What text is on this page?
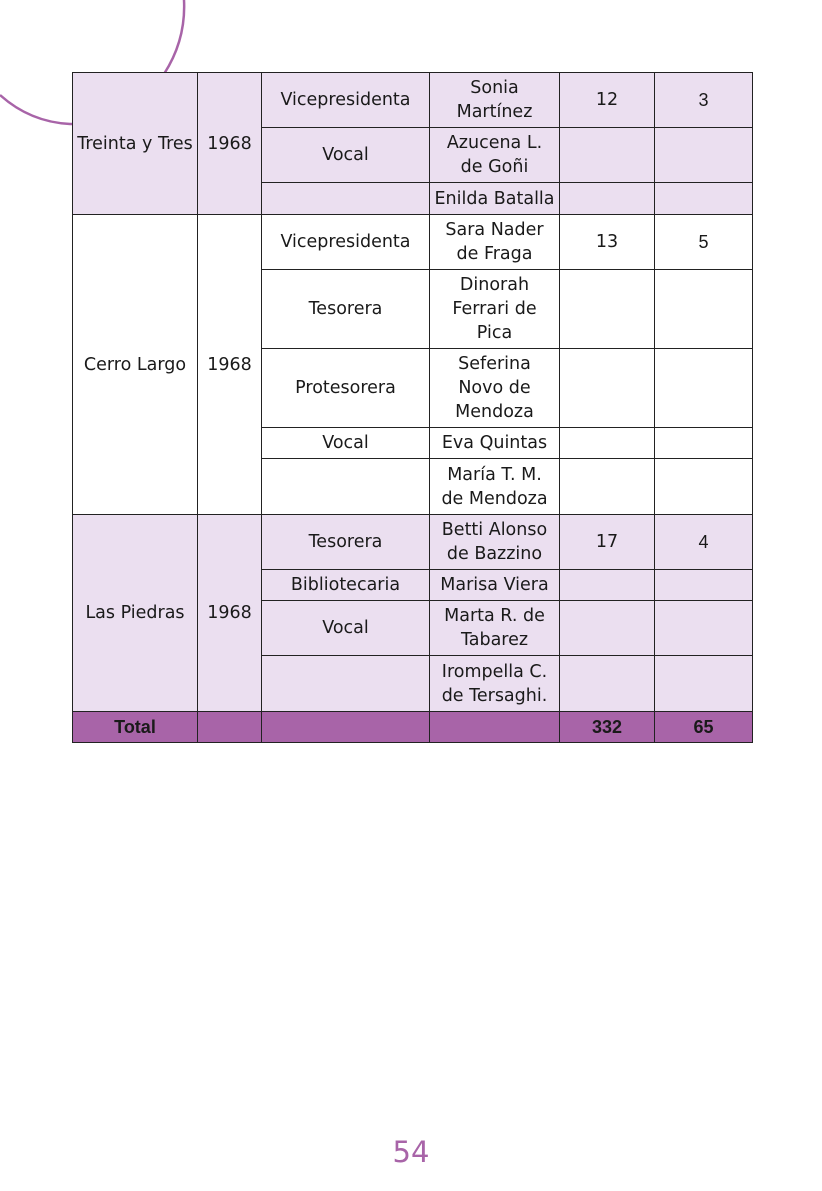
Treinta y Tres	1968	Vicepresidenta	Sonia Martínez	12	3
		Vocal	Azucena L. de Goñi		
			Enilda Batalla		
Cerro Largo	1968	Vicepresidenta	Sara Nader de Fraga	13	5
		Tesorera	Dinorah Ferrari de Pica		
		Protesorera	Seferina Novo de Mendoza		
		Vocal	Eva Quintas		
			María T. M. de Mendoza		
Las Piedras	1968	Tesorera	Betti Alonso de Bazzino	17	4
		Bibliotecaria	Marisa Viera		
		Vocal	Marta R. de Tabarez		
			Irompella C. de Tersaghi.		
Total				332	65
54
